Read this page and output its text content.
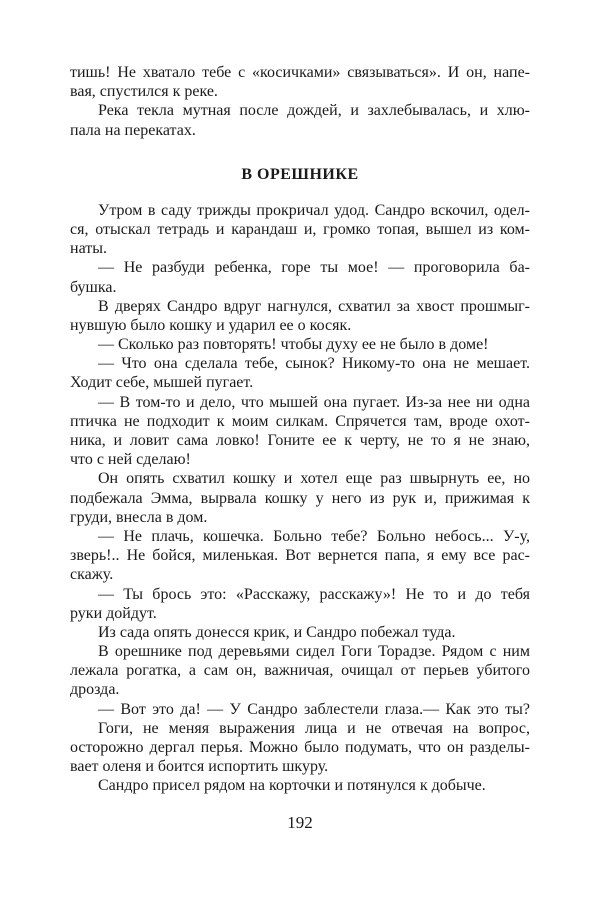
тишь! Не хватало тебе с «косичками» связываться». И он, напе-
вая, спустился к реке.
Река текла мутная после дождей, и захлебывалась, и хлю-
пала на перекатах.
В ОРЕШНИКЕ
Утром в саду трижды прокричал удод. Сандро вскочил, одел-
ся, отыскал тетрадь и карандаш и, громко топая, вышел из ком-
наты.
— Не разбуди ребенка, горе ты мое! — проговорила ба-
бушка.
В дверях Сандро вдруг нагнулся, схватил за хвост прошмыг-
нувшую было кошку и ударил ее о косяк.
— Сколько раз повторять! чтобы духу ее не было в доме!
— Что она сделала тебе, сынок? Никому-то она не мешает.
Ходит себе, мышей пугает.
— В том-то и дело, что мышей она пугает. Из-за нее ни одна
птичка не подходит к моим силкам. Спрячется там, вроде охот-
ника, и ловит сама ловко! Гоните ее к черту, не то я не знаю,
что с ней сделаю!
Он опять схватил кошку и хотел еще раз швырнуть ее, но
подбежала Эмма, вырвала кошку у него из рук и, прижимая к
груди, внесла в дом.
— Не плачь, кошечка. Больно тебе? Больно небось... У-у,
зверь!.. Не бойся, миленькая. Вот вернется папа, я ему все рас-
скажу.
— Ты брось это: «Расскажу, расскажу»! Не то и до тебя
руки дойдут.
Из сада опять донесся крик, и Сандро побежал туда.
В орешнике под деревьями сидел Гоги Торадзе. Рядом с ним
лежала рогатка, а сам он, важничая, очищал от перьев убитого
дрозда.
— Вот это да! — У Сандро заблестели глаза.— Как это ты?
Гоги, не меняя выражения лица и не отвечая на вопрос,
осторожно дергал перья. Можно было подумать, что он разделы-
вает оленя и боится испортить шкуру.
Сандро присел рядом на корточки и потянулся к добыче.
192
